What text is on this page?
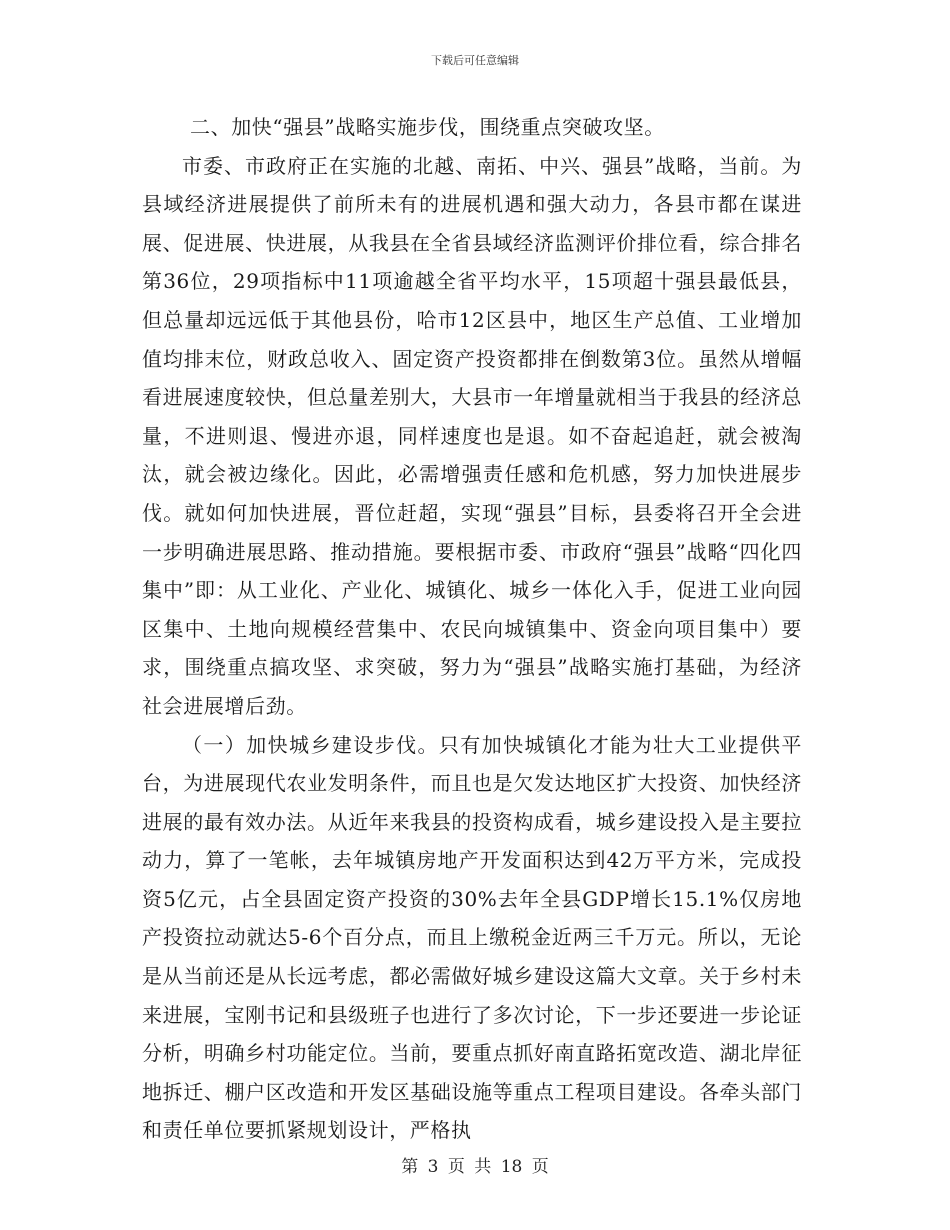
下载后可任意编辑

二、加快“强县”战略实施步伐，围绕重点突破攻坚。

市委、市政府正在实施的北越、南拓、中兴、强县”战略，当前。为县域经济进展提供了前所未有的进展机遇和强大动力，各县市都在谋进展、促进展、快进展，从我县在全省县域经济监测评价排位看，综合排名第36位，29项指标中11项逾越全省平均水平，15项超十强县最低县，但总量却远远低于其他县份，哈市12区县中，地区生产总值、工业增加值均排末位，财政总收入、固定资产投资都排在倒数第3位。虽然从增幅看进展速度较快，但总量差别大，大县市一年增量就相当于我县的经济总量，不进则退、慢进亦退，同样速度也是退。如不奋起追赶，就会被淘汰，就会被边缘化。因此，必需增强责任感和危机感，努力加快进展步伐。就如何加快进展，晋位赶超，实现“强县”目标，县委将召开全会进一步明确进展思路、推动措施。要根据市委、市政府“强县”战略“四化四集中”即：从工业化、产业化、城镇化、城乡一体化入手，促进工业向园区集中、土地向规模经营集中、农民向城镇集中、资金向项目集中）要求，围绕重点搞攻坚、求突破，努力为“强县”战略实施打基础，为经济社会进展增后劲。

（一）加快城乡建设步伐。只有加快城镇化才能为壮大工业提供平台，为进展现代农业发明条件，而且也是欠发达地区扩大投资、加快经济进展的最有效办法。从近年来我县的投资构成看，城乡建设投入是主要拉动力，算了一笔帐，去年城镇房地产开发面积达到42万平方米，完成投资5亿元，占全县固定资产投资的30%去年全县GDP增长15.1%仅房地产投资拉动就达5-6个百分点，而且上缴税金近两三千万元。所以，无论是从当前还是从长远考虑，都必需做好城乡建设这篇大文章。关于乡村未来进展，宝刚书记和县级班子也进行了多次讨论，下一步还要进一步论证分析，明确乡村功能定位。当前，要重点抓好南直路拓宽改造、湖北岸征地拆迁、棚户区改造和开发区基础设施等重点工程项目建设。各牵头部门和责任单位要抓紧规划设计，严格执

第 3 页 共 18 页
